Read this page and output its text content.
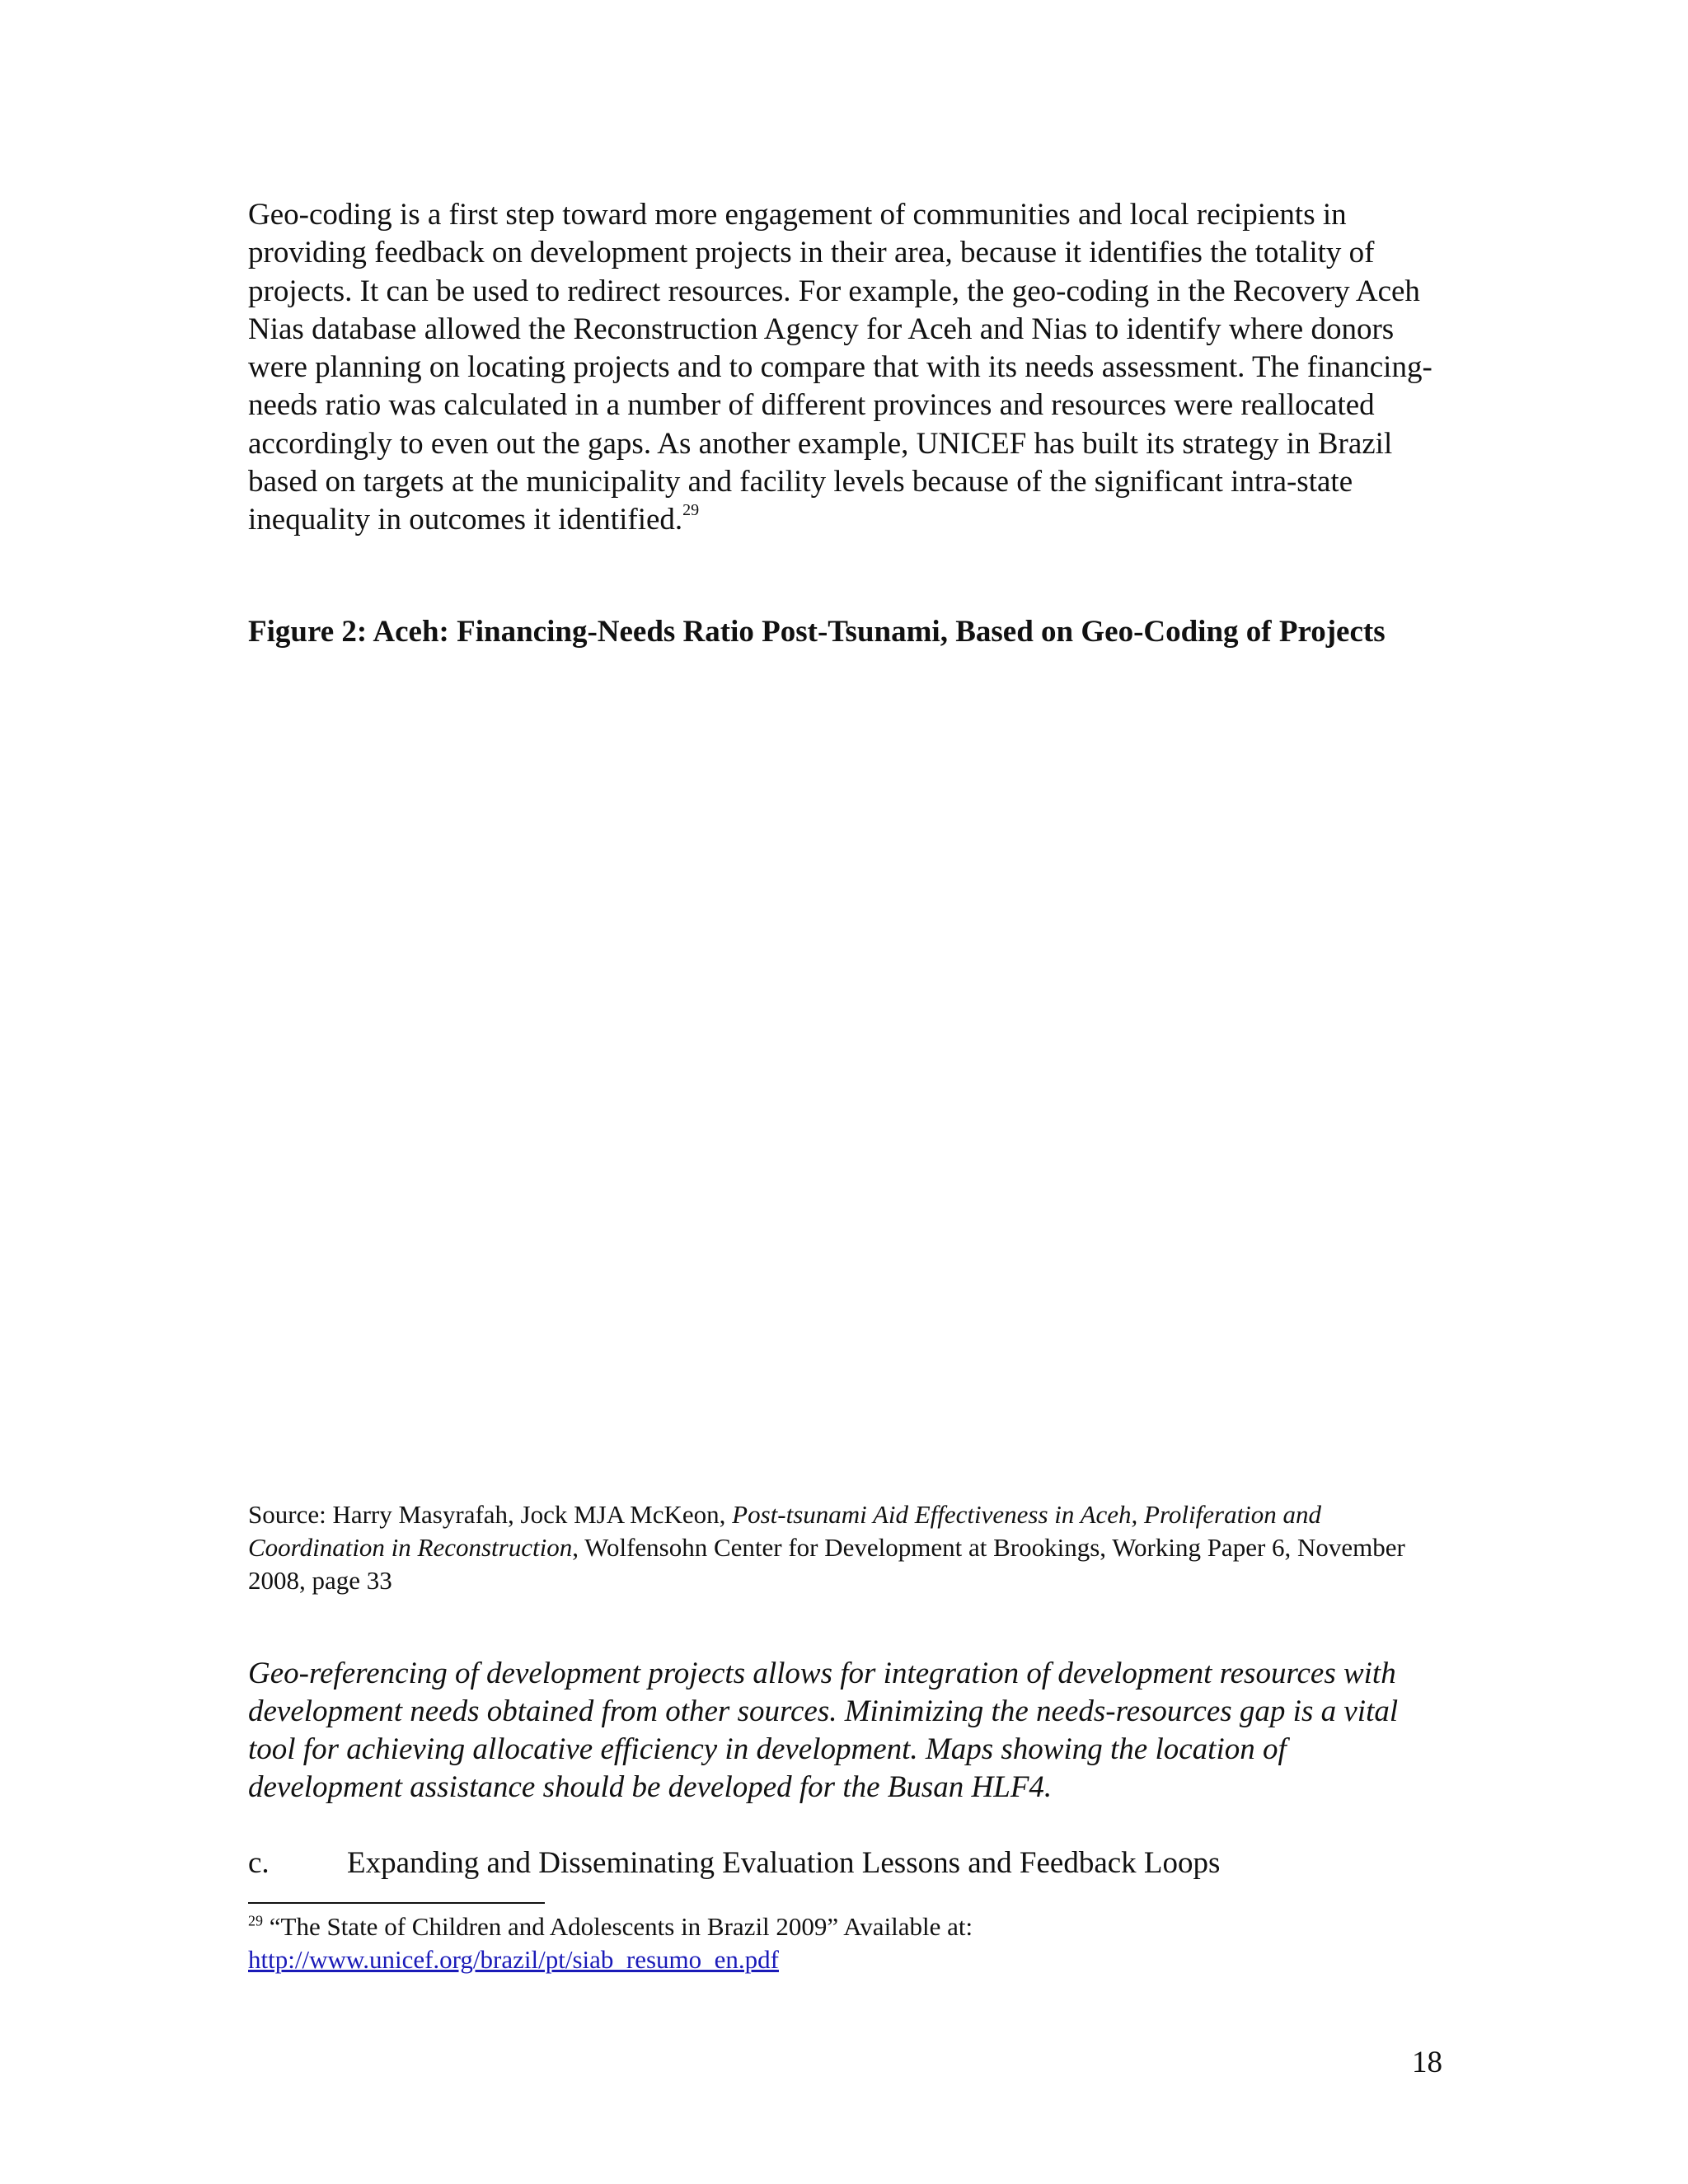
Geo-coding is a first step toward more engagement of communities and local recipients in providing feedback on development projects in their area, because it identifies the totality of projects. It can be used to redirect resources. For example, the geo-coding in the Recovery Aceh Nias database allowed the Reconstruction Agency for Aceh and Nias to identify where donors were planning on locating projects and to compare that with its needs assessment. The financing-needs ratio was calculated in a number of different provinces and resources were reallocated accordingly to even out the gaps. As another example, UNICEF has built its strategy in Brazil based on targets at the municipality and facility levels because of the significant intra-state inequality in outcomes it identified.$^{29}$

Figure 2: Aceh: Financing-Needs Ratio Post-Tsunami, Based on Geo-Coding of Projects

Source: Harry Masyrafah, Jock MJA McKeon, Post-tsunami Aid Effectiveness in Aceh, Proliferation and Coordination in Reconstruction, Wolfensohn Center for Development at Brookings, Working Paper 6, November 2008, page 33

Geo-referencing of development projects allows for integration of development resources with development needs obtained from other sources. Minimizing the needs-resources gap is a vital tool for achieving allocative efficiency in development. Maps showing the location of development assistance should be developed for the Busan HLF4.

c.	Expanding and Disseminating Evaluation Lessons and Feedback Loops

$^{29}$ “The State of Children and Adolescents in Brazil 2009” Available at:
http://www.unicef.org/brazil/pt/siab_resumo_en.pdf

18
